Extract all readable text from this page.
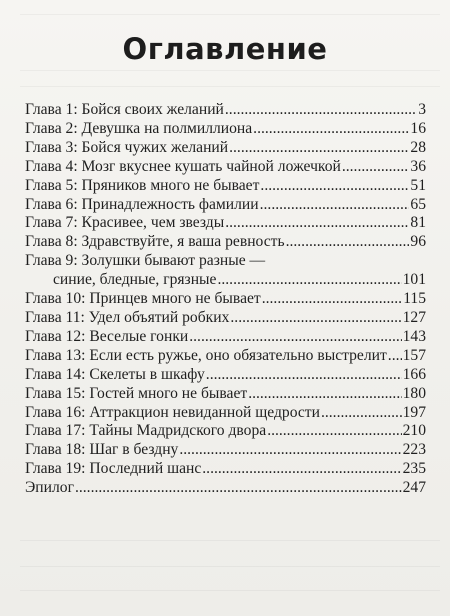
Оглавление
Глава 1: Бойся своих желаний .....	3
Глава 2: Девушка на полмиллиона .....	16
Глава 3: Бойся чужих желаний .....	28
Глава 4: Мозг вкуснее кушать чайной ложечкой .....	36
Глава 5: Пряников много не бывает .....	51
Глава 6: Принадлежность фамилии .....	65
Глава 7: Красивее, чем звезды .....	81
Глава 8: Здравствуйте, я ваша ревность .....	96
Глава 9: Золушки бывают разные —
синие, бледные, грязные .....	101
Глава 10: Принцев много не бывает .....	115
Глава 11: Удел объятий робких .....	127
Глава 12: Веселые гонки .....	143
Глава 13: Если есть ружье, оно обязательно выстрелит ..... 157
Глава 14: Скелеты в шкафу .....	166
Глава 15: Гостей много не бывает .....	180
Глава 16: Аттракцион невиданной щедрости .....	197
Глава 17: Тайны Мадридского двора .....	210
Глава 18: Шаг в бездну .....	223
Глава 19: Последний шанс .....	235
Эпилог .....	247
